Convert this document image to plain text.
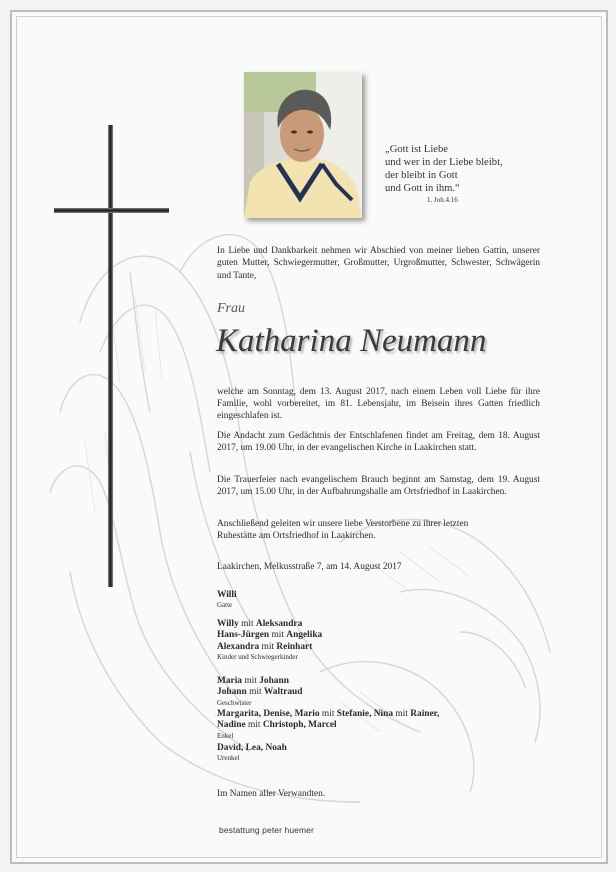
„Gott ist Liebe
und wer in der Liebe bleibt,
der bleibt in Gott
und Gott in ihm.“
1. Joh.4.16
In Liebe und Dankbarkeit nehmen wir Abschied von meiner lieben Gattin, unserer guten Mutter, Schwiegermutter, Großmutter, Urgroßmutter, Schwester, Schwägerin und Tante,
Frau
Katharina Neumann
welche am Sonntag, dem 13. August 2017, nach einem Leben voll Liebe für ihre Familie, wohl vorbereitet, im 81. Lebensjahr, im Beisein ihres Gatten friedlich eingeschlafen ist.
Die Andacht zum Gedächtnis der Entschlafenen findet am Freitag, dem 18. August 2017, um 19.00 Uhr, in der evangelischen Kirche in Laakirchen statt.
Die Trauerfeier nach evangelischem Brauch beginnt am Samstag, dem 19. August 2017, um 15.00 Uhr, in der Aufbahrungshalle am Ortsfriedhof in Laakirchen.
Anschließend geleiten wir unsere liebe Verstorbene zu ihrer letzten Ruhestätte am Ortsfriedhof in Laakirchen.
Laakirchen, Melkusstraße 7, am 14. August 2017
Willi
Gatte
Willy mit Aleksandra
Hans-Jürgen mit Angelika
Alexandra mit Reinhart
Kinder und Schwiegerkinder
Maria mit Johann
Johann mit Waltraud
Geschwister
Margarita, Denise, Mario mit Stefanie, Nina mit Rainer,
Nadine mit Christoph, Marcel
Enkel
David, Lea, Noah
Urenkel
Im Namen aller Verwandten.
bestattung peter huemer
